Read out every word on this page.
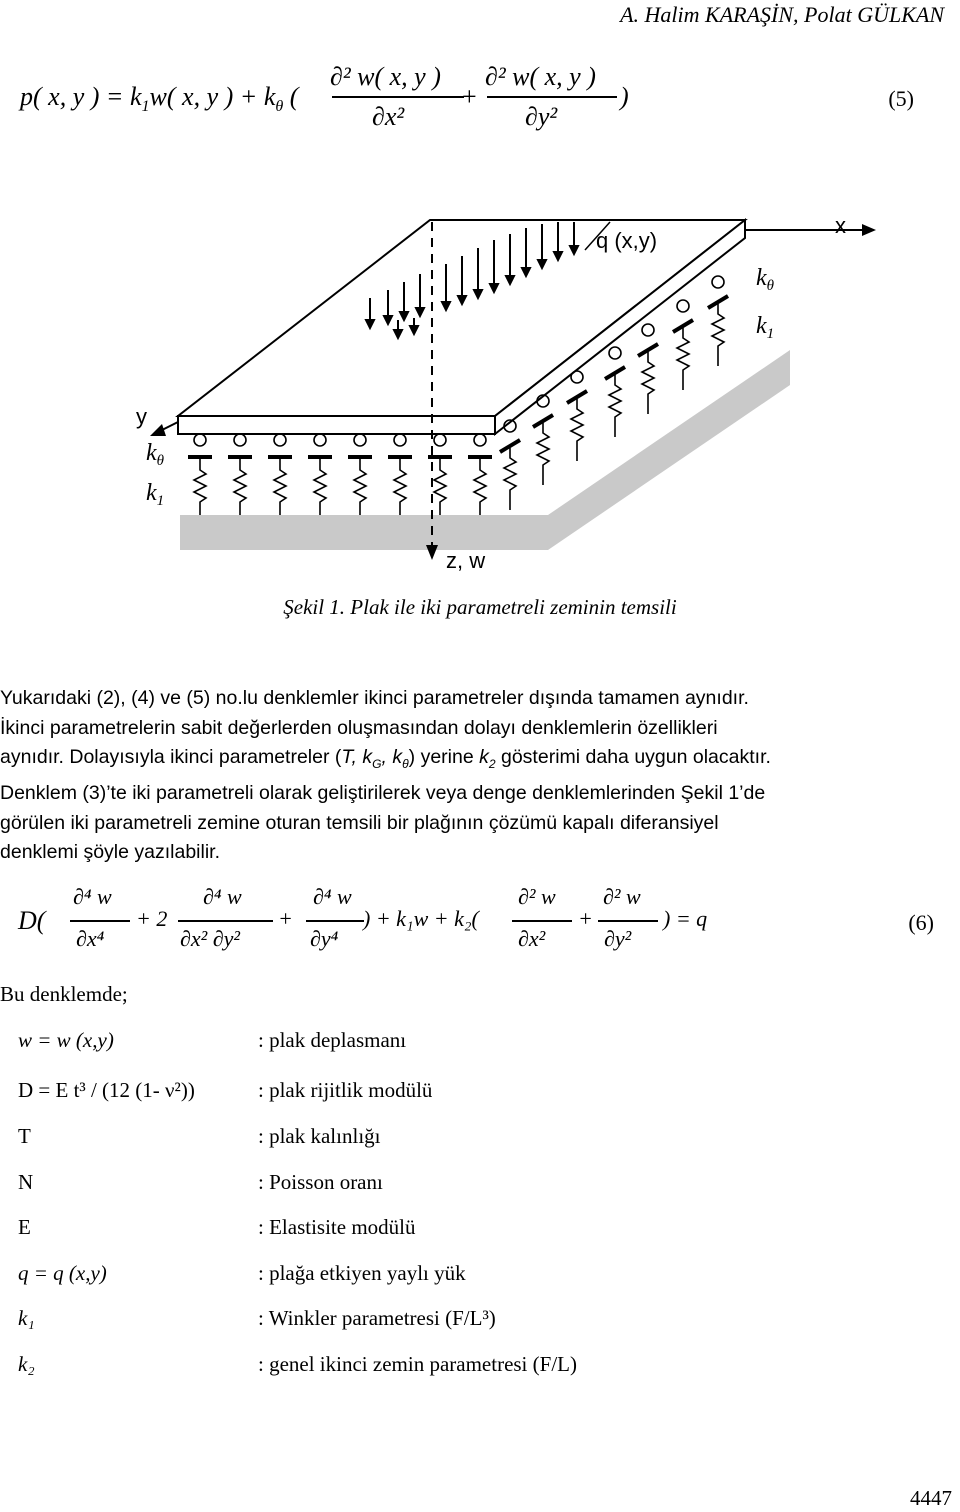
A. Halim KARAŞİN, Polat GÜLKAN
p( x, y ) = $k_1w$( x, y ) + $k_\theta$ (
∂² w( x, y )
∂x²
+
∂² w( x, y )
∂y²
)	(5)
q (x,y)
x
y
z, w
$k_\theta$
$k_1$
$k_\theta$
$k_1$
Şekil 1. Plak ile iki parametreli zeminin temsili

Yukarıdaki (2), (4) ve (5) no.lu denklemler ikinci parametreler dışında tamamen aynıdır.

İkinci parametrelerin sabit değerlerden oluşmasından dolayı denklemlerin özellikleri

aynıdır. Dolayısıyla ikinci parametreler (T, $k_G$, $k_\theta$) yerine $k_2$ gösterimi daha uygun olacaktır.

Denklem (3)’te iki parametreli olarak geliştirilerek veya denge denklemlerinden Şekil 1’de

görülen iki parametreli zemine oturan temsili bir plağının çözümü kapalı diferansiyel

denklemi şöyle yazılabilir.

D(
∂⁴ w
∂x⁴
+ 2
∂⁴ w
∂x² ∂y²
+
∂⁴ w
∂y⁴
) + k₁w + k₂(
∂² w
∂x²
+
∂² w
∂y²
) = q	(6)
Bu denklemde;
w = w (x,y)	: plak deplasmanı
D = E t³ / (12 (1- ν²))	: plak rijitlik modülü
T	: plak kalınlığı
N	: Poisson oranı
E	: Elastisite modülü
q = q (x,y)	: plağa etkiyen yaylı yük
k₁	: Winkler parametresi (F/L³)
k₂	: genel ikinci zemin parametresi (F/L)
4447
